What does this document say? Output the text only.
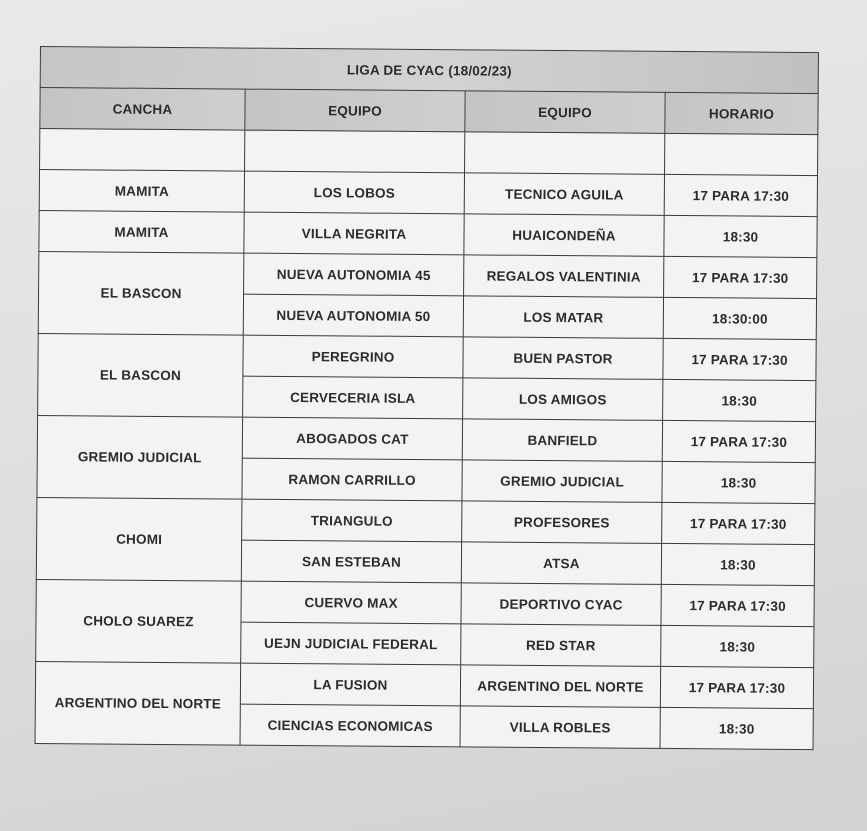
LIGA DE CYAC (18/02/23)			
CANCHA	EQUIPO	EQUIPO	HORARIO

MAMITA	LOS LOBOS	TECNICO AGUILA	17 PARA 17:30
MAMITA	VILLA NEGRITA	HUAICONDEÑA	18:30
EL BASCON	NUEVA AUTONOMIA 45	REGALOS VALENTINIA	17 PARA 17:30
	NUEVA AUTONOMIA 50	LOS MATAR	18:30:00
EL BASCON	PEREGRINO	BUEN PASTOR	17 PARA 17:30
	CERVECERIA ISLA	LOS AMIGOS	18:30
GREMIO JUDICIAL	ABOGADOS CAT	BANFIELD	17 PARA 17:30
	RAMON CARRILLO	GREMIO JUDICIAL	18:30
CHOMI	TRIANGULO	PROFESORES	17 PARA 17:30
	SAN ESTEBAN	ATSA	18:30
CHOLO SUAREZ	CUERVO MAX	DEPORTIVO CYAC	17 PARA 17:30
	UEJN JUDICIAL FEDERAL	RED STAR	18:30
ARGENTINO DEL NORTE	LA FUSION	ARGENTINO DEL NORTE	17 PARA 17:30
	CIENCIAS ECONOMICAS	VILLA ROBLES	18:30
